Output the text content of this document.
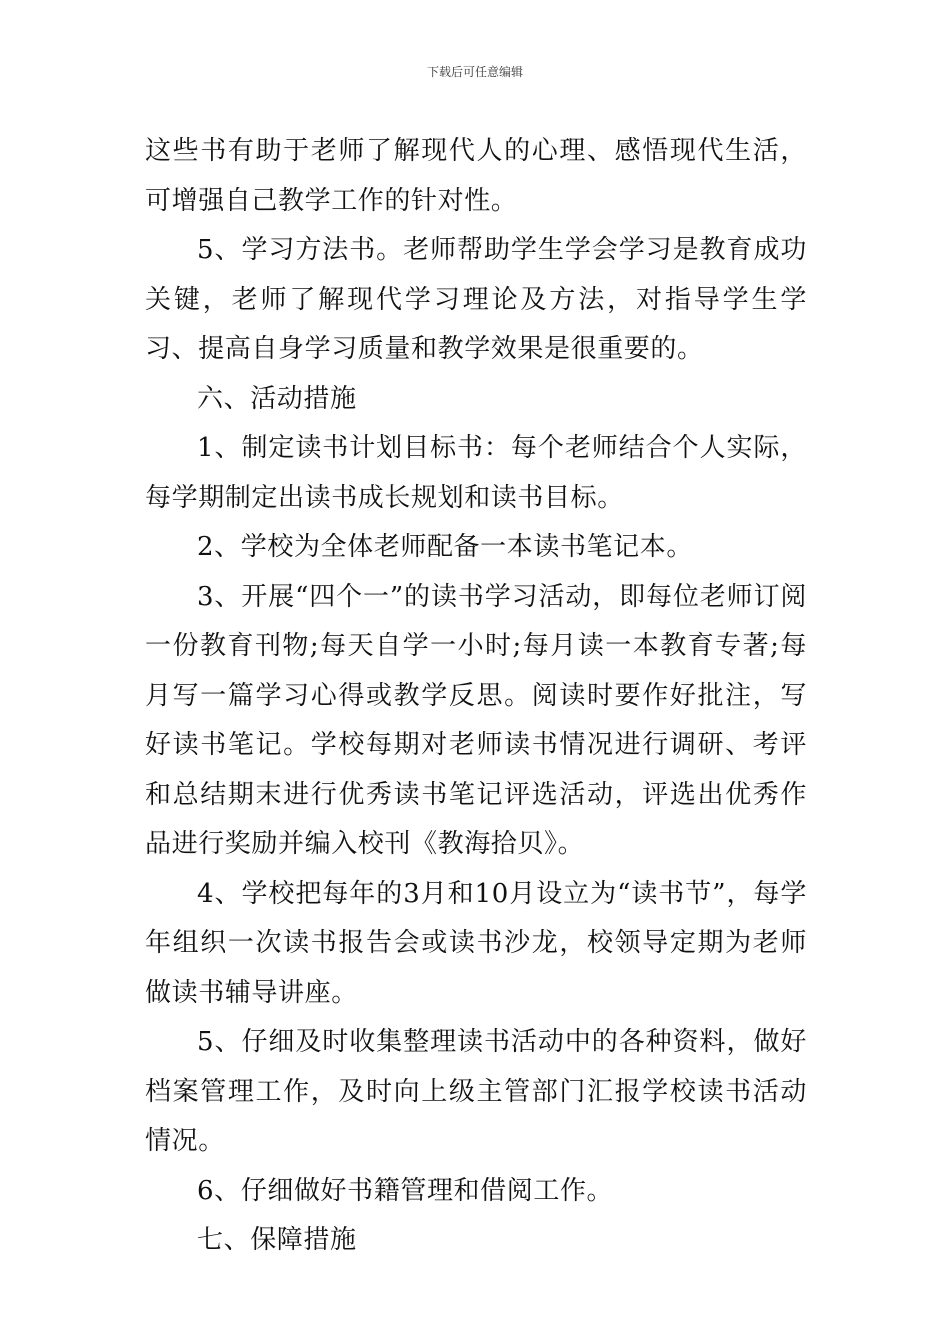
下载后可任意编辑

这些书有助于老师了解现代人的心理、感悟现代生活，可增强自己教学工作的针对性。

5、学习方法书。老师帮助学生学会学习是教育成功关键，老师了解现代学习理论及方法，对指导学生学习、提高自身学习质量和教学效果是很重要的。

六、活动措施

1、制定读书计划目标书：每个老师结合个人实际，每学期制定出读书成长规划和读书目标。

2、学校为全体老师配备一本读书笔记本。

3、开展“四个一”的读书学习活动，即每位老师订阅一份教育刊物;每天自学一小时;每月读一本教育专著;每月写一篇学习心得或教学反思。阅读时要作好批注，写好读书笔记。学校每期对老师读书情况进行调研、考评和总结期末进行优秀读书笔记评选活动，评选出优秀作品进行奖励并编入校刊《教海拾贝》。

4、学校把每年的3月和10月设立为“读书节”，每学年组织一次读书报告会或读书沙龙，校领导定期为老师做读书辅导讲座。

5、仔细及时收集整理读书活动中的各种资料，做好档案管理工作，及时向上级主管部门汇报学校读书活动情况。

6、仔细做好书籍管理和借阅工作。

七、保障措施
